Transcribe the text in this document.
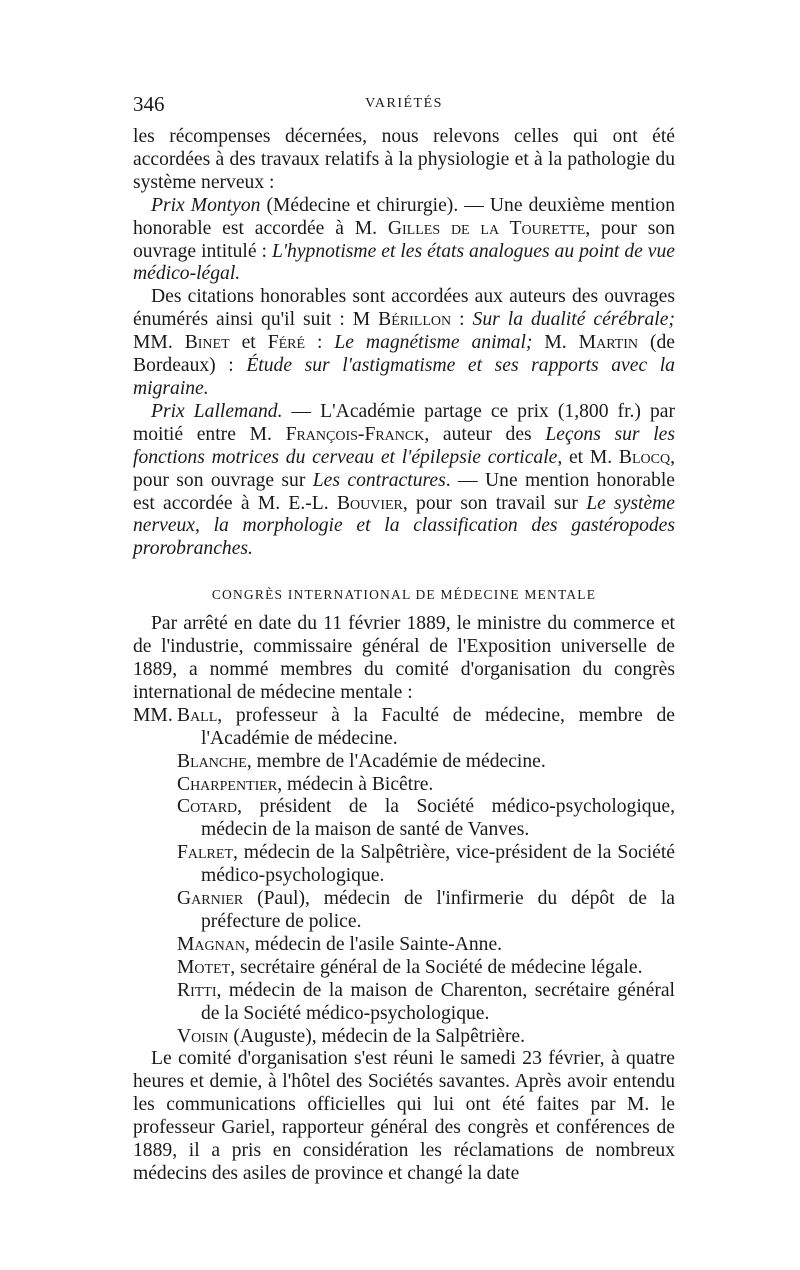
346	VARIÉTÉS

les récompenses décernées, nous relevons celles qui ont été accordées à des travaux relatifs à la physiologie et à la pathologie du système nerveux :

Prix Montyon (Médecine et chirurgie). — Une deuxième mention honorable est accordée à M. Gilles de la Tourette, pour son ouvrage intitulé : L'hypnotisme et les états analogues au point de vue médico-légal.

Des citations honorables sont accordées aux auteurs des ouvrages énumérés ainsi qu'il suit : M Bérillon : Sur la dualité cérébrale; MM. Binet et Féré : Le magnétisme animal; M. Martin (de Bordeaux) : Étude sur l'astigmatisme et ses rapports avec la migraine.

Prix Lallemand. — L'Académie partage ce prix (1,800 fr.) par moitié entre M. François-Franck, auteur des Leçons sur les fonctions motrices du cerveau et l'épilepsie corticale, et M. Blocq, pour son ouvrage sur Les contractures. — Une mention honorable est accordée à M. E.-L. Bouvier, pour son travail sur Le système nerveux, la morphologie et la classification des gastéropodes prorobranches.

CONGRÈS INTERNATIONAL DE MÉDECINE MENTALE

Par arrêté en date du 11 février 1889, le ministre du commerce et de l'industrie, commissaire général de l'Exposition universelle de 1889, a nommé membres du comité d'organisation du congrès international de médecine mentale :

MM. Ball, professeur à la Faculté de médecine, membre de l'Académie de médecine.

Blanche, membre de l'Académie de médecine.

Charpentier, médecin à Bicêtre.

Cotard, président de la Société médico-psychologique, médecin de la maison de santé de Vanves.

Falret, médecin de la Salpêtrière, vice-président de la Société médico-psychologique.

Garnier (Paul), médecin de l'infirmerie du dépôt de la préfecture de police.

Magnan, médecin de l'asile Sainte-Anne.

Motet, secrétaire général de la Société de médecine légale.

Ritti, médecin de la maison de Charenton, secrétaire général de la Société médico-psychologique.

Voisin (Auguste), médecin de la Salpêtrière.

Le comité d'organisation s'est réuni le samedi 23 février, à quatre heures et demie, à l'hôtel des Sociétés savantes. Après avoir entendu les communications officielles qui lui ont été faites par M. le professeur Gariel, rapporteur général des congrès et conférences de 1889, il a pris en considération les réclamations de nombreux médecins des asiles de province et changé la date
